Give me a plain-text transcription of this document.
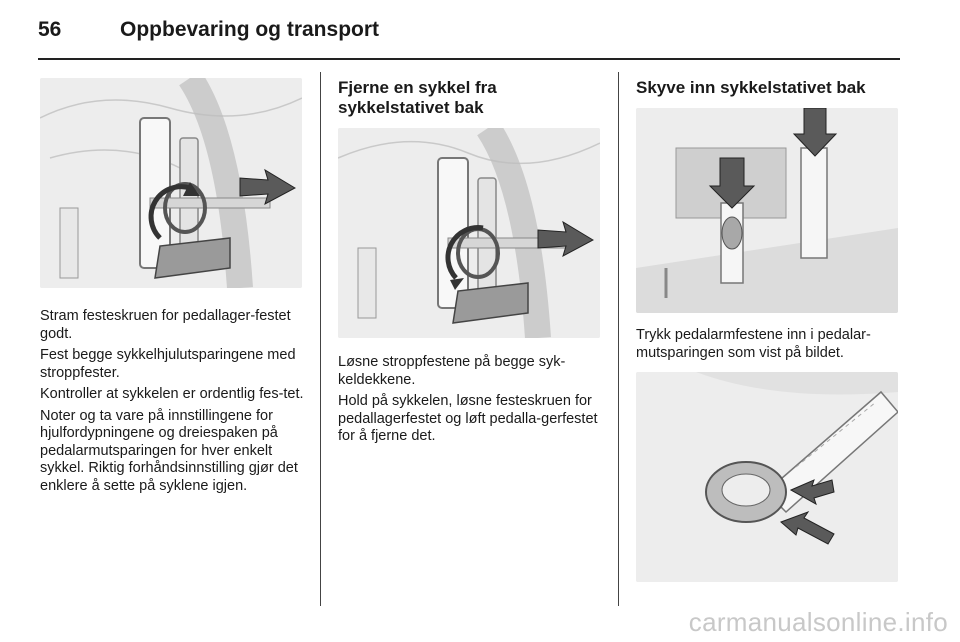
56	Oppbevaring og transport

Stram festeskruen for pedallager-festet godt.

Fest begge sykkelhjulutsparingene med stroppfester.

Kontroller at sykkelen er ordentlig fes-tet.

Noter og ta vare på innstillingene for hjulfordypningene og dreiespaken på pedalarmutsparingen for hver enkelt sykkel. Riktig forhåndsinnstilling gjør det enklere å sette på syklene igjen.

Fjerne en sykkel fra sykkelstativet bak

Løsne stroppfestene på begge syk-keldekkene.

Hold på sykkelen, løsne festeskruen for pedallagerfestet og løft pedalla-gerfestet for å fjerne det.

Skyve inn sykkelstativet bak

Trykk pedalarmfestene inn i pedalar-mutsparingen som vist på bildet.

carmanualsonline.info
